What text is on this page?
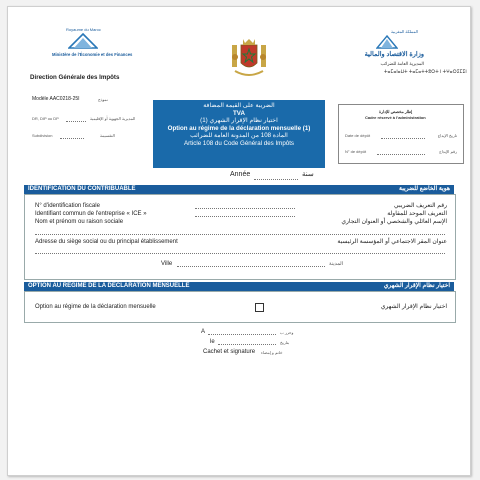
Royaume du Maroc
Ministère de l'Économie et des Finances
Direction Générale des Impôts
المملكة المغربية
وزارة الاقتصاد والمالية
المديرية العامة للضرائب
ⵜⴰⵎⴰⵏⴰⵡⵜ ⵜⴰⵎⴰⵜⵜⵓⵔⵜ ⵏ ⵜⵖⴰⵔⵉⵎⵉⵏ
Modèle AAC0218-25I	نموذج
DR, DIP ou DP	المديرية الجهوية أو الإقليمية
Subdivision	التقسيمة
الضريبة على القيمة المضافة
TVA
اختيار نظام الإقرار الشهري (1)
Option au régime de la déclaration mensuelle (1)
المادة 108 من المدونة العامة للضرائب
Article 108 du Code Général des Impôts
إطار مخصص للإدارة
Cadre réservé à l'administration
Date de dépôt	تاريخ الإيداع
N° de dépôt	رقم الإيداع
Année	سنة
IDENTIFICATION DU CONTRIBUABLE	هوية الخاضع للضريبة
N° d'identification fiscale	رقم التعريف الضريبي
Identifiant commun de l'entreprise « ICE »	التعريف الموحد للمقاولة
Nom et prénom ou raison sociale	الإسم العائلي والشخصي أو العنوان التجاري
Adresse du siège social ou du principal établissement	عنوان المقر الاجتماعي أو المؤسسة الرئيسية
Ville	المدينة
OPTION AU REGIME DE LA DECLARATION MENSUELLE	اختيار نظام الإقرار الشهري
Option au régime de la déclaration mensuelle	اختيار نظام الإقرار الشهري
A	وحرر ب
le	بتاريخ
Cachet et signature خاتم و إمضاء
